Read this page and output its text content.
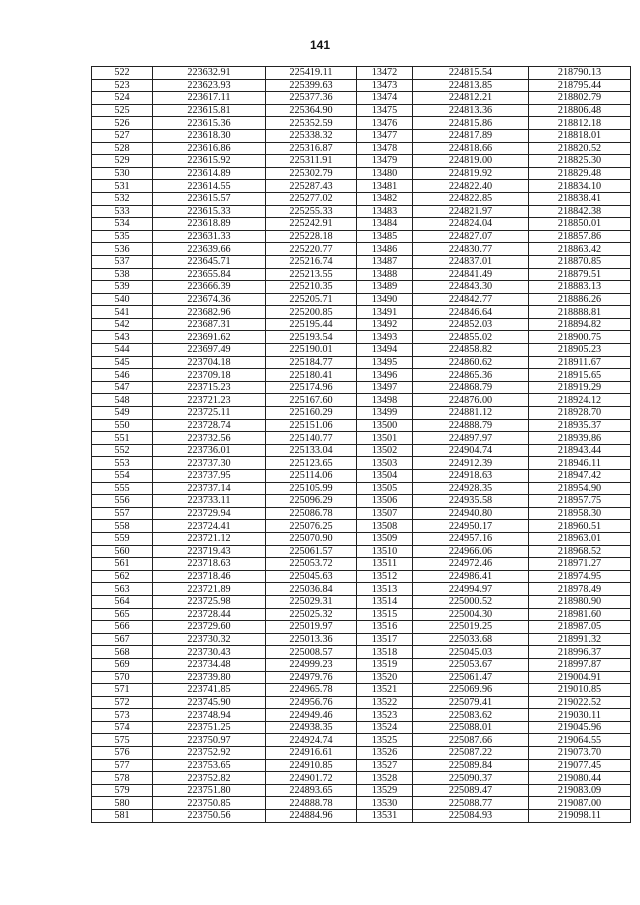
141
522	223632.91	225419.11	13472	224815.54	218790.13
523	223623.93	225399.63	13473	224813.85	218795.44
524	223617.11	225377.36	13474	224812.21	218802.79
525	223615.81	225364.90	13475	224813.36	218806.48
526	223615.36	225352.59	13476	224815.86	218812.18
527	223618.30	225338.32	13477	224817.89	218818.01
528	223616.86	225316.87	13478	224818.66	218820.52
529	223615.92	225311.91	13479	224819.00	218825.30
530	223614.89	225302.79	13480	224819.92	218829.48
531	223614.55	225287.43	13481	224822.40	218834.10
532	223615.57	225277.02	13482	224822.85	218838.41
533	223615.33	225255.33	13483	224821.97	218842.38
534	223618.89	225242.91	13484	224824.04	218850.01
535	223631.33	225228.18	13485	224827.07	218857.86
536	223639.66	225220.77	13486	224830.77	218863.42
537	223645.71	225216.74	13487	224837.01	218870.85
538	223655.84	225213.55	13488	224841.49	218879.51
539	223666.39	225210.35	13489	224843.30	218883.13
540	223674.36	225205.71	13490	224842.77	218886.26
541	223682.96	225200.85	13491	224846.64	218888.81
542	223687.31	225195.44	13492	224852.03	218894.82
543	223691.62	225193.54	13493	224855.02	218900.75
544	223697.49	225190.01	13494	224858.82	218905.23
545	223704.18	225184.77	13495	224860.62	218911.67
546	223709.18	225180.41	13496	224865.36	218915.65
547	223715.23	225174.96	13497	224868.79	218919.29
548	223721.23	225167.60	13498	224876.00	218924.12
549	223725.11	225160.29	13499	224881.12	218928.70
550	223728.74	225151.06	13500	224888.79	218935.37
551	223732.56	225140.77	13501	224897.97	218939.86
552	223736.01	225133.04	13502	224904.74	218943.44
553	223737.30	225123.65	13503	224912.39	218946.11
554	223737.95	225114.06	13504	224918.63	218947.42
555	223737.14	225105.99	13505	224928.35	218954.90
556	223733.11	225096.29	13506	224935.58	218957.75
557	223729.94	225086.78	13507	224940.80	218958.30
558	223724.41	225076.25	13508	224950.17	218960.51
559	223721.12	225070.90	13509	224957.16	218963.01
560	223719.43	225061.57	13510	224966.06	218968.52
561	223718.63	225053.72	13511	224972.46	218971.27
562	223718.46	225045.63	13512	224986.41	218974.95
563	223721.89	225036.84	13513	224994.97	218978.49
564	223725.98	225029.31	13514	225000.52	218980.90
565	223728.44	225025.32	13515	225004.30	218981.60
566	223729.60	225019.97	13516	225019.25	218987.05
567	223730.32	225013.36	13517	225033.68	218991.32
568	223730.43	225008.57	13518	225045.03	218996.37
569	223734.48	224999.23	13519	225053.67	218997.87
570	223739.80	224979.76	13520	225061.47	219004.91
571	223741.85	224965.78	13521	225069.96	219010.85
572	223745.90	224956.76	13522	225079.41	219022.52
573	223748.94	224949.46	13523	225083.62	219030.11
574	223751.25	224938.35	13524	225088.01	219045.96
575	223750.97	224924.74	13525	225087.66	219064.55
576	223752.92	224916.61	13526	225087.22	219073.70
577	223753.65	224910.85	13527	225089.84	219077.45
578	223752.82	224901.72	13528	225090.37	219080.44
579	223751.80	224893.65	13529	225089.47	219083.09
580	223750.85	224888.78	13530	225088.77	219087.00
581	223750.56	224884.96	13531	225084.93	219098.11
